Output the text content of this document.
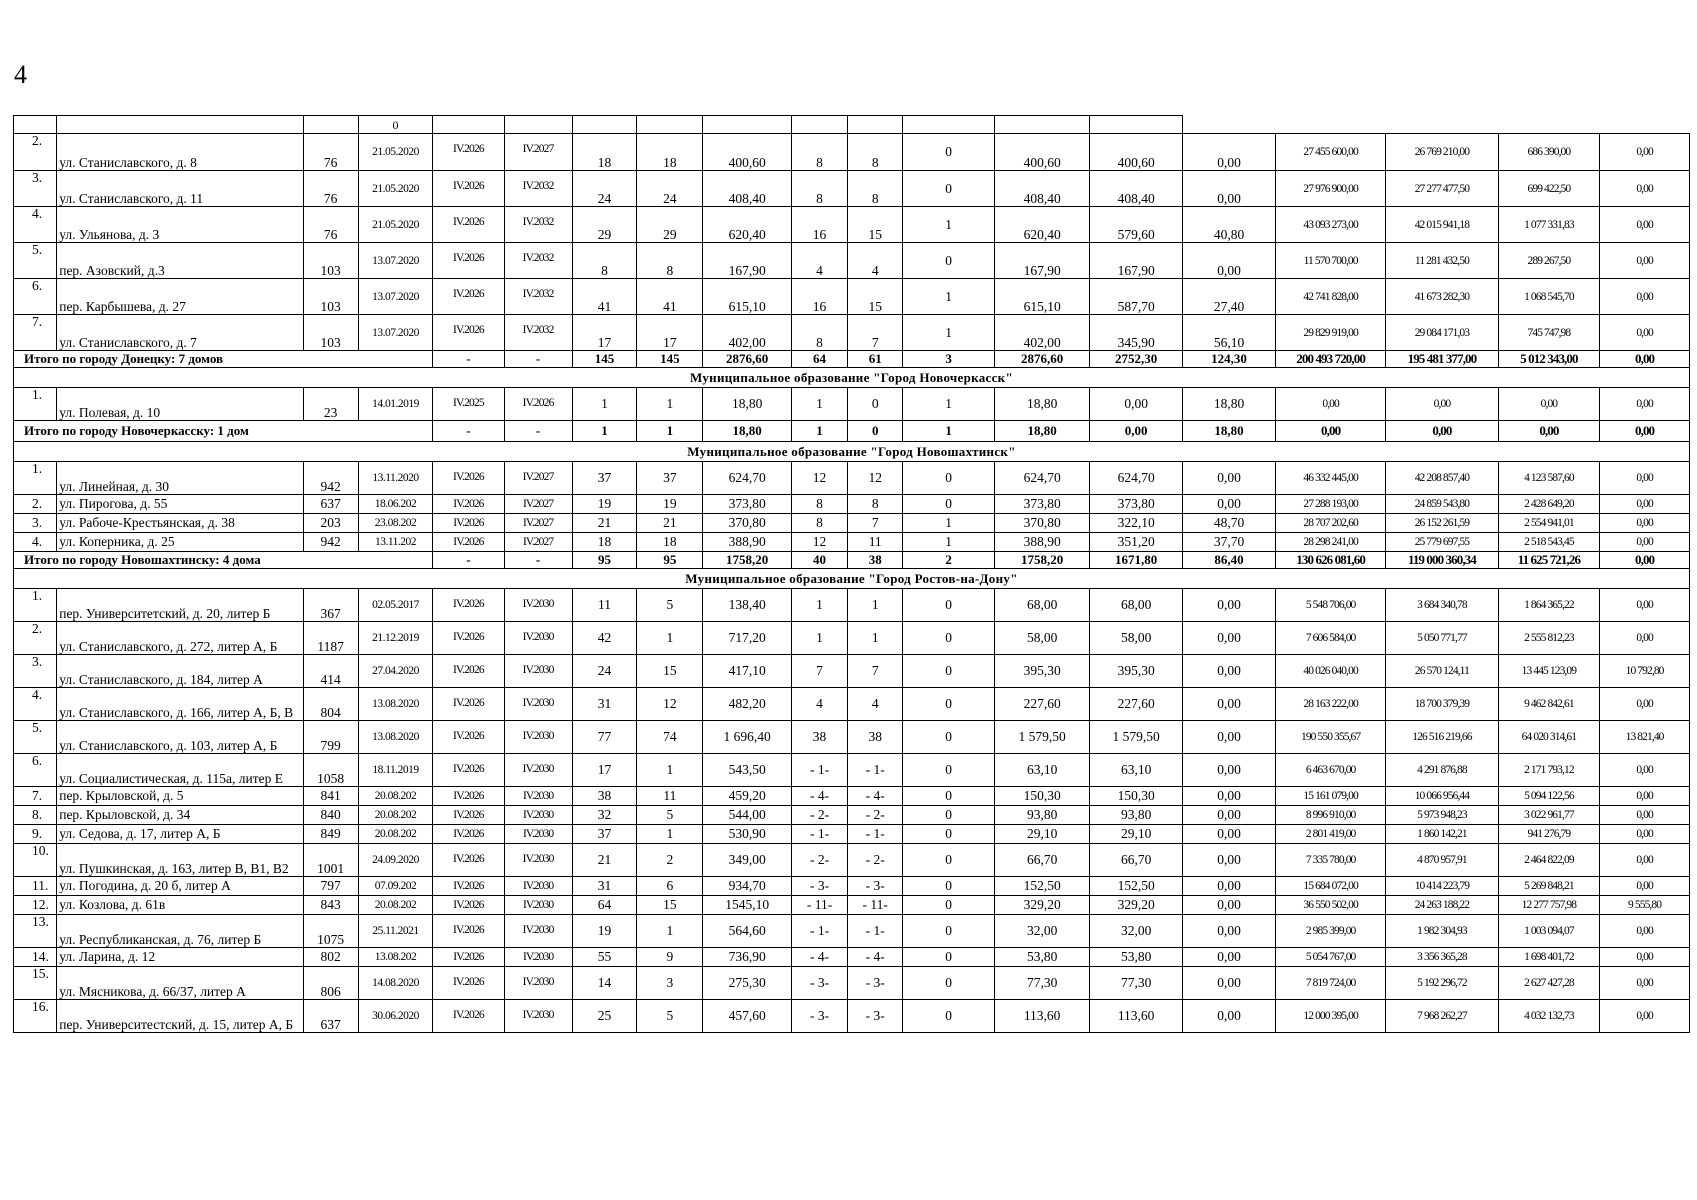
4
			0															
2.	ул. Станиславского, д. 8	76	21.05.2020	IV.2026	IV.2027	18	18	400,60	8	8	0	400,60	400,60	0,00	27 455 600,00	26 769 210,00	686 390,00	0,00
3.	ул. Станиславского, д. 11	76	21.05.2020	IV.2026	IV.2032	24	24	408,40	8	8	0	408,40	408,40	0,00	27 976 900,00	27 277 477,50	699 422,50	0,00
4.	ул. Ульянова, д. 3	76	21.05.2020	IV.2026	IV.2032	29	29	620,40	16	15	1	620,40	579,60	40,80	43 093 273,00	42 015 941,18	1 077 331,83	0,00
5.	пер. Азовский, д.3	103	13.07.2020	IV.2026	IV.2032	8	8	167,90	4	4	0	167,90	167,90	0,00	11 570 700,00	11 281 432,50	289 267,50	0,00
6.	пер. Карбышева, д. 27	103	13.07.2020	IV.2026	IV.2032	41	41	615,10	16	15	1	615,10	587,70	27,40	42 741 828,00	41 673 282,30	1 068 545,70	0,00
7.	ул. Станиславского, д. 7	103	13.07.2020	IV.2026	IV.2032	17	17	402,00	8	7	1	402,00	345,90	56,10	29 829 919,00	29 084 171,03	745 747,98	0,00
Итого по городу Донецку: 7 домов				-	-	145	145	2876,60	64	61	3	2876,60	2752,30	124,30	200 493 720,00	195 481 377,00	5 012 343,00	0,00
Муниципальное образование "Город Новочеркасск"																		
1.	ул. Полевая, д. 10	23	14.01.2019	IV.2025	IV.2026	1	1	18,80	1	0	1	18,80	0,00	18,80	0,00	0,00	0,00	0,00
Итого по городу Новочеркасску: 1 дом				-	-	1	1	18,80	1	0	1	18,80	0,00	18,80	0,00	0,00	0,00	0,00
Муниципальное образование "Город Новошахтинск"																		
1.	ул. Линейная, д. 30	942	13.11.2020	IV.2026	IV.2027	37	37	624,70	12	12	0	624,70	624,70	0,00	46 332 445,00	42 208 857,40	4 123 587,60	0,00
2.	ул. Пирогова, д. 55	637	18.06.202	IV.2026	IV.2027	19	19	373,80	8	8	0	373,80	373,80	0,00	27 288 193,00	24 859 543,80	2 428 649,20	0,00
3.	ул. Рабоче-Крестьянская, д. 38	203	23.08.202	IV.2026	IV.2027	21	21	370,80	8	7	1	370,80	322,10	48,70	28 707 202,60	26 152 261,59	2 554 941,01	0,00
4.	ул. Коперника, д. 25	942	13.11.202	IV.2026	IV.2027	18	18	388,90	12	11	1	388,90	351,20	37,70	28 298 241,00	25 779 697,55	2 518 543,45	0,00
Итого по городу Новошахтинску: 4 дома				-	-	95	95	1758,20	40	38	2	1758,20	1671,80	86,40	130 626 081,60	119 000 360,34	11 625 721,26	0,00
Муниципальное образование "Город Ростов-на-Дону"																		
1.	пер. Университетский, д. 20, литер Б	367	02.05.2017	IV.2026	IV.2030	11	5	138,40	1	1	0	68,00	68,00	0,00	5 548 706,00	3 684 340,78	1 864 365,22	0,00
2.	ул. Станиславского, д. 272, литер А, Б	1187	21.12.2019	IV.2026	IV.2030	42	1	717,20	1	1	0	58,00	58,00	0,00	7 606 584,00	5 050 771,77	2 555 812,23	0,00
3.	ул. Станиславского, д. 184, литер А	414	27.04.2020	IV.2026	IV.2030	24	15	417,10	7	7	0	395,30	395,30	0,00	40 026 040,00	26 570 124,11	13 445 123,09	10 792,80
4.	ул. Станиславского, д. 166, литер А, Б, В	804	13.08.2020	IV.2026	IV.2030	31	12	482,20	4	4	0	227,60	227,60	0,00	28 163 222,00	18 700 379,39	9 462 842,61	0,00
5.	ул. Станиславского, д. 103, литер А, Б	799	13.08.2020	IV.2026	IV.2030	77	74	1 696,40	38	38	0	1 579,50	1 579,50	0,00	190 550 355,67	126 516 219,66	64 020 314,61	13 821,40
6.	ул. Социалистическая, д. 115а, литер Е	1058	18.11.2019	IV.2026	IV.2030	17	1	543,50	- 1-	- 1-	0	63,10	63,10	0,00	6 463 670,00	4 291 876,88	2 171 793,12	0,00
7.	пер. Крыловской, д. 5	841	20.08.202	IV.2026	IV.2030	38	11	459,20	- 4-	- 4-	0	150,30	150,30	0,00	15 161 079,00	10 066 956,44	5 094 122,56	0,00
8.	пер. Крыловской, д. 34	840	20.08.202	IV.2026	IV.2030	32	5	544,00	- 2-	- 2-	0	93,80	93,80	0,00	8 996 910,00	5 973 948,23	3 022 961,77	0,00
9.	ул. Седова, д. 17, литер А, Б	849	20.08.202	IV.2026	IV.2030	37	1	530,90	- 1-	- 1-	0	29,10	29,10	0,00	2 801 419,00	1 860 142,21	941 276,79	0,00
10.	ул. Пушкинская, д. 163, литер В, В1, В2	1001	24.09.2020	IV.2026	IV.2030	21	2	349,00	- 2-	- 2-	0	66,70	66,70	0,00	7 335 780,00	4 870 957,91	2 464 822,09	0,00
11.	ул. Погодина, д. 20 б, литер А	797	07.09.202	IV.2026	IV.2030	31	6	934,70	- 3-	- 3-	0	152,50	152,50	0,00	15 684 072,00	10 414 223,79	5 269 848,21	0,00
12.	ул. Козлова, д. 61в	843	20.08.202	IV.2026	IV.2030	64	15	1545,10	- 11-	- 11-	0	329,20	329,20	0,00	36 550 502,00	24 263 188,22	12 277 757,98	9 555,80
13.	ул. Республиканская, д. 76, литер Б	1075	25.11.2021	IV.2026	IV.2030	19	1	564,60	- 1-	- 1-	0	32,00	32,00	0,00	2 985 399,00	1 982 304,93	1 003 094,07	0,00
14.	ул. Ларина, д. 12	802	13.08.202	IV.2026	IV.2030	55	9	736,90	- 4-	- 4-	0	53,80	53,80	0,00	5 054 767,00	3 356 365,28	1 698 401,72	0,00
15.	ул. Мясникова, д. 66/37, литер А	806	14.08.2020	IV.2026	IV.2030	14	3	275,30	- 3-	- 3-	0	77,30	77,30	0,00	7 819 724,00	5 192 296,72	2 627 427,28	0,00
16.	пер. Университестский, д. 15, литер А, Б	637	30.06.2020	IV.2026	IV.2030	25	5	457,60	- 3-	- 3-	0	113,60	113,60	0,00	12 000 395,00	7 968 262,27	4 032 132,73	0,00
